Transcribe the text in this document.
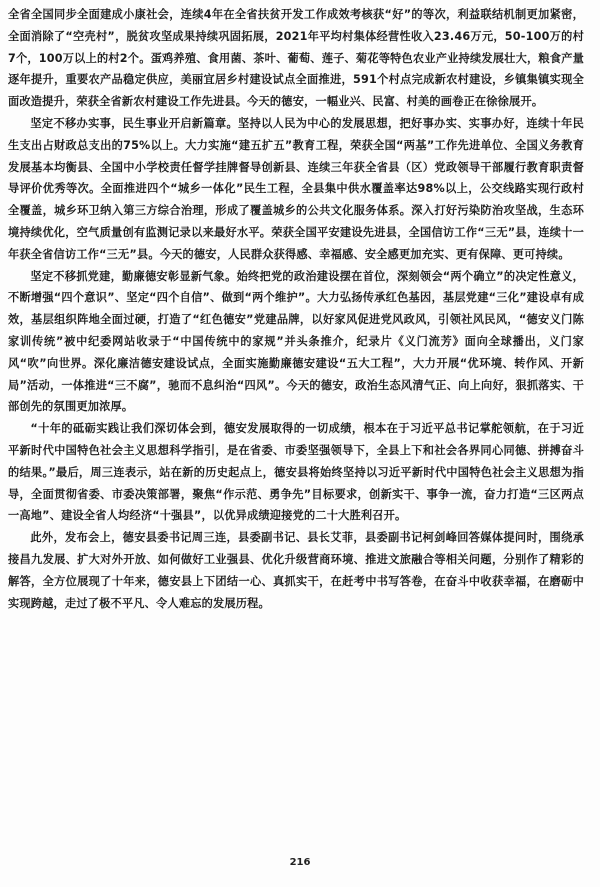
全省全国同步全面建成小康社会，连续4年在全省扶贫开发工作成效考核获“好”的等次，利益联结机制更加紧密，全面消除了“空壳村”，脱贫攻坚成果持续巩固拓展，2021年平均村集体经营性收入23.46万元，50-100万的村7个，100万以上的村2个。蛋鸡养殖、食用菌、茶叶、葡萄、莲子、菊花等特色农业产业持续发展壮大，粮食产量逐年提升，重要农产品稳定供应，美丽宜居乡村建设试点全面推进，591个村点完成新农村建设，乡镇集镇实现全面改造提升，荣获全省新农村建设工作先进县。今天的德安，一幅业兴、民富、村美的画卷正在徐徐展开。

坚定不移办实事，民生事业开启新篇章。坚持以人民为中心的发展思想，把好事办实、实事办好，连续十年民生支出占财政总支出的75%以上。大力实施“建五扩五”教育工程，荣获全国“两基”工作先进单位、全国义务教育发展基本均衡县、全国中小学校责任督学挂牌督导创新县、连续三年获全省县（区）党政领导干部履行教育职责督导评价优秀等次。全面推进四个“城乡一体化”民生工程，全县集中供水覆盖率达98%以上，公交线路实现行政村全覆盖，城乡环卫纳入第三方综合治理，形成了覆盖城乡的公共文化服务体系。深入打好污染防治攻坚战，生态环境持续优化，空气质量创有监测记录以来最好水平。荣获全国平安建设先进县，全国信访工作“三无”县，连续十一年获全省信访工作“三无”县。今天的德安，人民群众获得感、幸福感、安全感更加充实、更有保障、更可持续。

坚定不移抓党建，勤廉德安彰显新气象。始终把党的政治建设摆在首位，深刻领会“两个确立”的决定性意义，不断增强“四个意识”、坚定“四个自信”、做到“两个维护”。大力弘扬传承红色基因，基层党建“三化”建设卓有成效，基层组织阵地全面过硬，打造了“红色德安”党建品牌，以好家风促进党风政风，引领社风民风，“德安义门陈家训传统”被中纪委网站收录于“中国传统中的家规”并头条推介，纪录片《义门流芳》面向全球播出，义门家风“吹”向世界。深化廉洁德安建设试点，全面实施勤廉德安建设“五大工程”，大力开展“优环境、转作风、开新局”活动，一体推进“三不腐”，驰而不息纠治“四风”。今天的德安，政治生态风清气正、向上向好，狠抓落实、干部创先的氛围更加浓厚。

“十年的砥砺实践让我们深切体会到，德安发展取得的一切成绩，根本在于习近平总书记掌舵领航，在于习近平新时代中国特色社会主义思想科学指引，是在省委、市委坚强领导下，全县上下和社会各界同心同德、拼搏奋斗的结果。”最后，周三连表示，站在新的历史起点上，德安县将始终坚持以习近平新时代中国特色社会主义思想为指导，全面贯彻省委、市委决策部署，聚焦“作示范、勇争先”目标要求，创新实干、事争一流，奋力打造“三区两点一高地”、建设全省人均经济“十强县”，以优异成绩迎接党的二十大胜利召开。

此外，发布会上，德安县委书记周三连，县委副书记、县长艾菲，县委副书记柯剑峰回答媒体提问时，围绕承接昌九发展、扩大对外开放、如何做好工业强县、优化升级营商环境、推进文旅融合等相关问题，分别作了精彩的解答，全方位展现了十年来，德安县上下团结一心、真抓实干，在赶考中书写答卷，在奋斗中收获幸福，在磨砺中实现跨越，走过了极不平凡、令人难忘的发展历程。

216
